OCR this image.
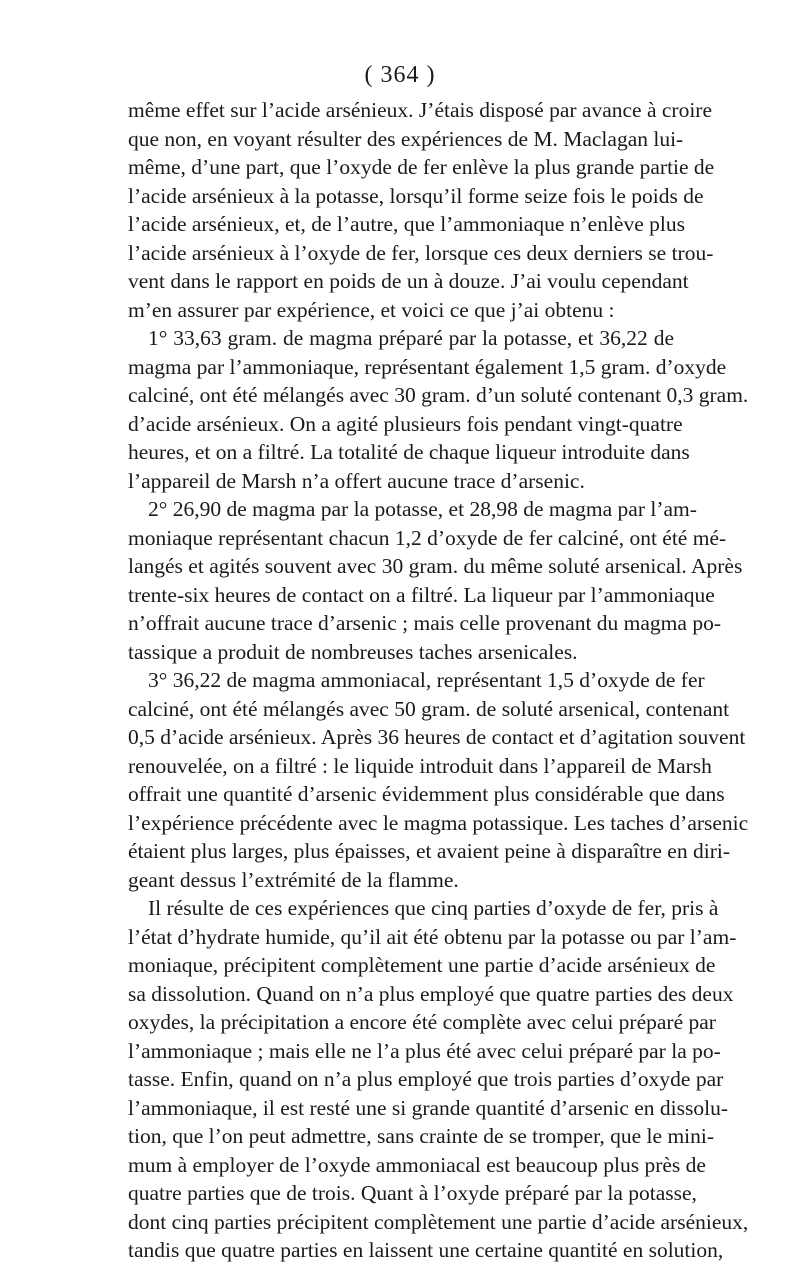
( 364 )
même effet sur l’acide arsénieux. J’étais disposé par avance à croire
que non, en voyant résulter des expériences de M. Maclagan lui-
même, d’une part, que l’oxyde de fer enlève la plus grande partie de
l’acide arsénieux à la potasse, lorsqu’il forme seize fois le poids de
l’acide arsénieux, et, de l’autre, que l’ammoniaque n’enlève plus
l’acide arsénieux à l’oxyde de fer, lorsque ces deux derniers se trou-
vent dans le rapport en poids de un à douze. J’ai voulu cependant
m’en assurer par expérience, et voici ce que j’ai obtenu :
1° 33,63 gram. de magma préparé par la potasse, et 36,22 de
magma par l’ammoniaque, représentant également 1,5 gram. d’oxyde
calciné, ont été mélangés avec 30 gram. d’un soluté contenant 0,3 gram.
d’acide arsénieux. On a agité plusieurs fois pendant vingt-quatre
heures, et on a filtré. La totalité de chaque liqueur introduite dans
l’appareil de Marsh n’a offert aucune trace d’arsenic.
2° 26,90 de magma par la potasse, et 28,98 de magma par l’am-
moniaque représentant chacun 1,2 d’oxyde de fer calciné, ont été mé-
langés et agités souvent avec 30 gram. du même soluté arsenical. Après
trente-six heures de contact on a filtré. La liqueur par l’ammoniaque
n’offrait aucune trace d’arsenic ; mais celle provenant du magma po-
tassique a produit de nombreuses taches arsenicales.
3° 36,22 de magma ammoniacal, représentant 1,5 d’oxyde de fer
calciné, ont été mélangés avec 50 gram. de soluté arsenical, contenant
0,5 d’acide arsénieux. Après 36 heures de contact et d’agitation souvent
renouvelée, on a filtré : le liquide introduit dans l’appareil de Marsh
offrait une quantité d’arsenic évidemment plus considérable que dans
l’expérience précédente avec le magma potassique. Les taches d’arsenic
étaient plus larges, plus épaisses, et avaient peine à disparaître en diri-
geant dessus l’extrémité de la flamme.
Il résulte de ces expériences que cinq parties d’oxyde de fer, pris à
l’état d’hydrate humide, qu’il ait été obtenu par la potasse ou par l’am-
moniaque, précipitent complètement une partie d’acide arsénieux de
sa dissolution. Quand on n’a plus employé que quatre parties des deux
oxydes, la précipitation a encore été complète avec celui préparé par
l’ammoniaque ; mais elle ne l’a plus été avec celui préparé par la po-
tasse. Enfin, quand on n’a plus employé que trois parties d’oxyde par
l’ammoniaque, il est resté une si grande quantité d’arsenic en dissolu-
tion, que l’on peut admettre, sans crainte de se tromper, que le mini-
mum à employer de l’oxyde ammoniacal est beaucoup plus près de
quatre parties que de trois. Quant à l’oxyde préparé par la potasse,
dont cinq parties précipitent complètement une partie d’acide arsénieux,
tandis que quatre parties en laissent une certaine quantité en solution,
